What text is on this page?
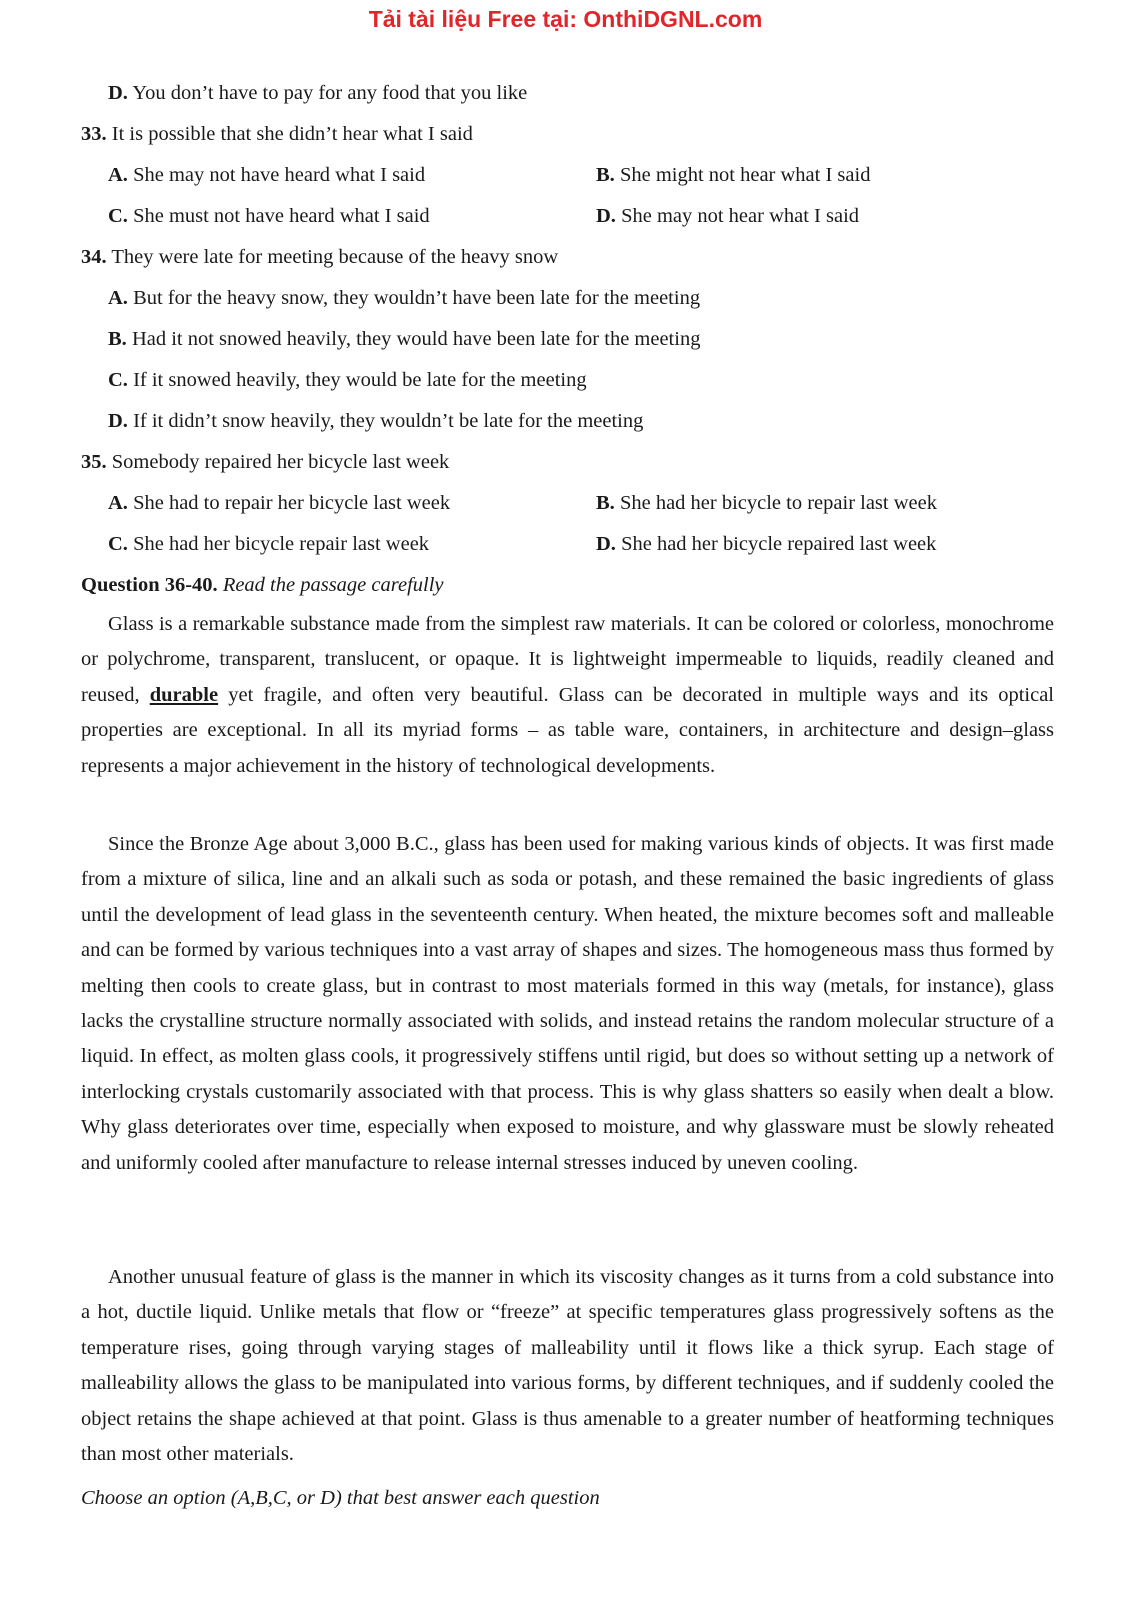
Tải tài liệu Free tại: OnthiDGNL.com
D. You don’t have to pay for any food that you like
33. It is possible that she didn’t hear what I said
A. She may not have heard what I said	B. She might not hear what I said
C. She must not have heard what I said	D. She may not hear what I said
34. They were late for meeting because of the heavy snow
A. But for the heavy snow, they wouldn’t have been late for the meeting
B. Had it not snowed heavily, they would have been late for the meeting
C. If it snowed heavily, they would be late for the meeting
D. If it didn’t snow heavily, they wouldn’t be late for the meeting
35. Somebody repaired her bicycle last week
A. She had to repair her bicycle last week	B. She had her bicycle to repair last week
C. She had her bicycle repair last week	D. She had her bicycle repaired last week
Question 36-40. Read the passage carefully
Glass is a remarkable substance made from the simplest raw materials. It can be colored or colorless, monochrome or polychrome, transparent, translucent, or opaque. It is lightweight impermeable to liquids, readily cleaned and reused, durable yet fragile, and often very beautiful. Glass can be decorated in multiple ways and its optical properties are exceptional. In all its myriad forms – as table ware, containers, in architecture and design–glass represents a major achievement in the history of technological developments.
Since the Bronze Age about 3,000 B.C., glass has been used for making various kinds of objects. It was first made from a mixture of silica, line and an alkali such as soda or potash, and these remained the basic ingredients of glass until the development of lead glass in the seventeenth century. When heated, the mixture becomes soft and malleable and can be formed by various techniques into a vast array of shapes and sizes. The homogeneous mass thus formed by melting then cools to create glass, but in contrast to most materials formed in this way (metals, for instance), glass lacks the crystalline structure normally associated with solids, and instead retains the random molecular structure of a liquid. In effect, as molten glass cools, it progressively stiffens until rigid, but does so without setting up a network of interlocking crystals customarily associated with that process. This is why glass shatters so easily when dealt a blow. Why glass deteriorates over time, especially when exposed to moisture, and why glassware must be slowly reheated and uniformly cooled after manufacture to release internal stresses induced by uneven cooling.
Another unusual feature of glass is the manner in which its viscosity changes as it turns from a cold substance into a hot, ductile liquid. Unlike metals that flow or “freeze” at specific temperatures glass progressively softens as the temperature rises, going through varying stages of malleability until it flows like a thick syrup. Each stage of malleability allows the glass to be manipulated into various forms, by different techniques, and if suddenly cooled the object retains the shape achieved at that point. Glass is thus amenable to a greater number of heatforming techniques than most other materials.
Choose an option (A,B,C, or D) that best answer each question
